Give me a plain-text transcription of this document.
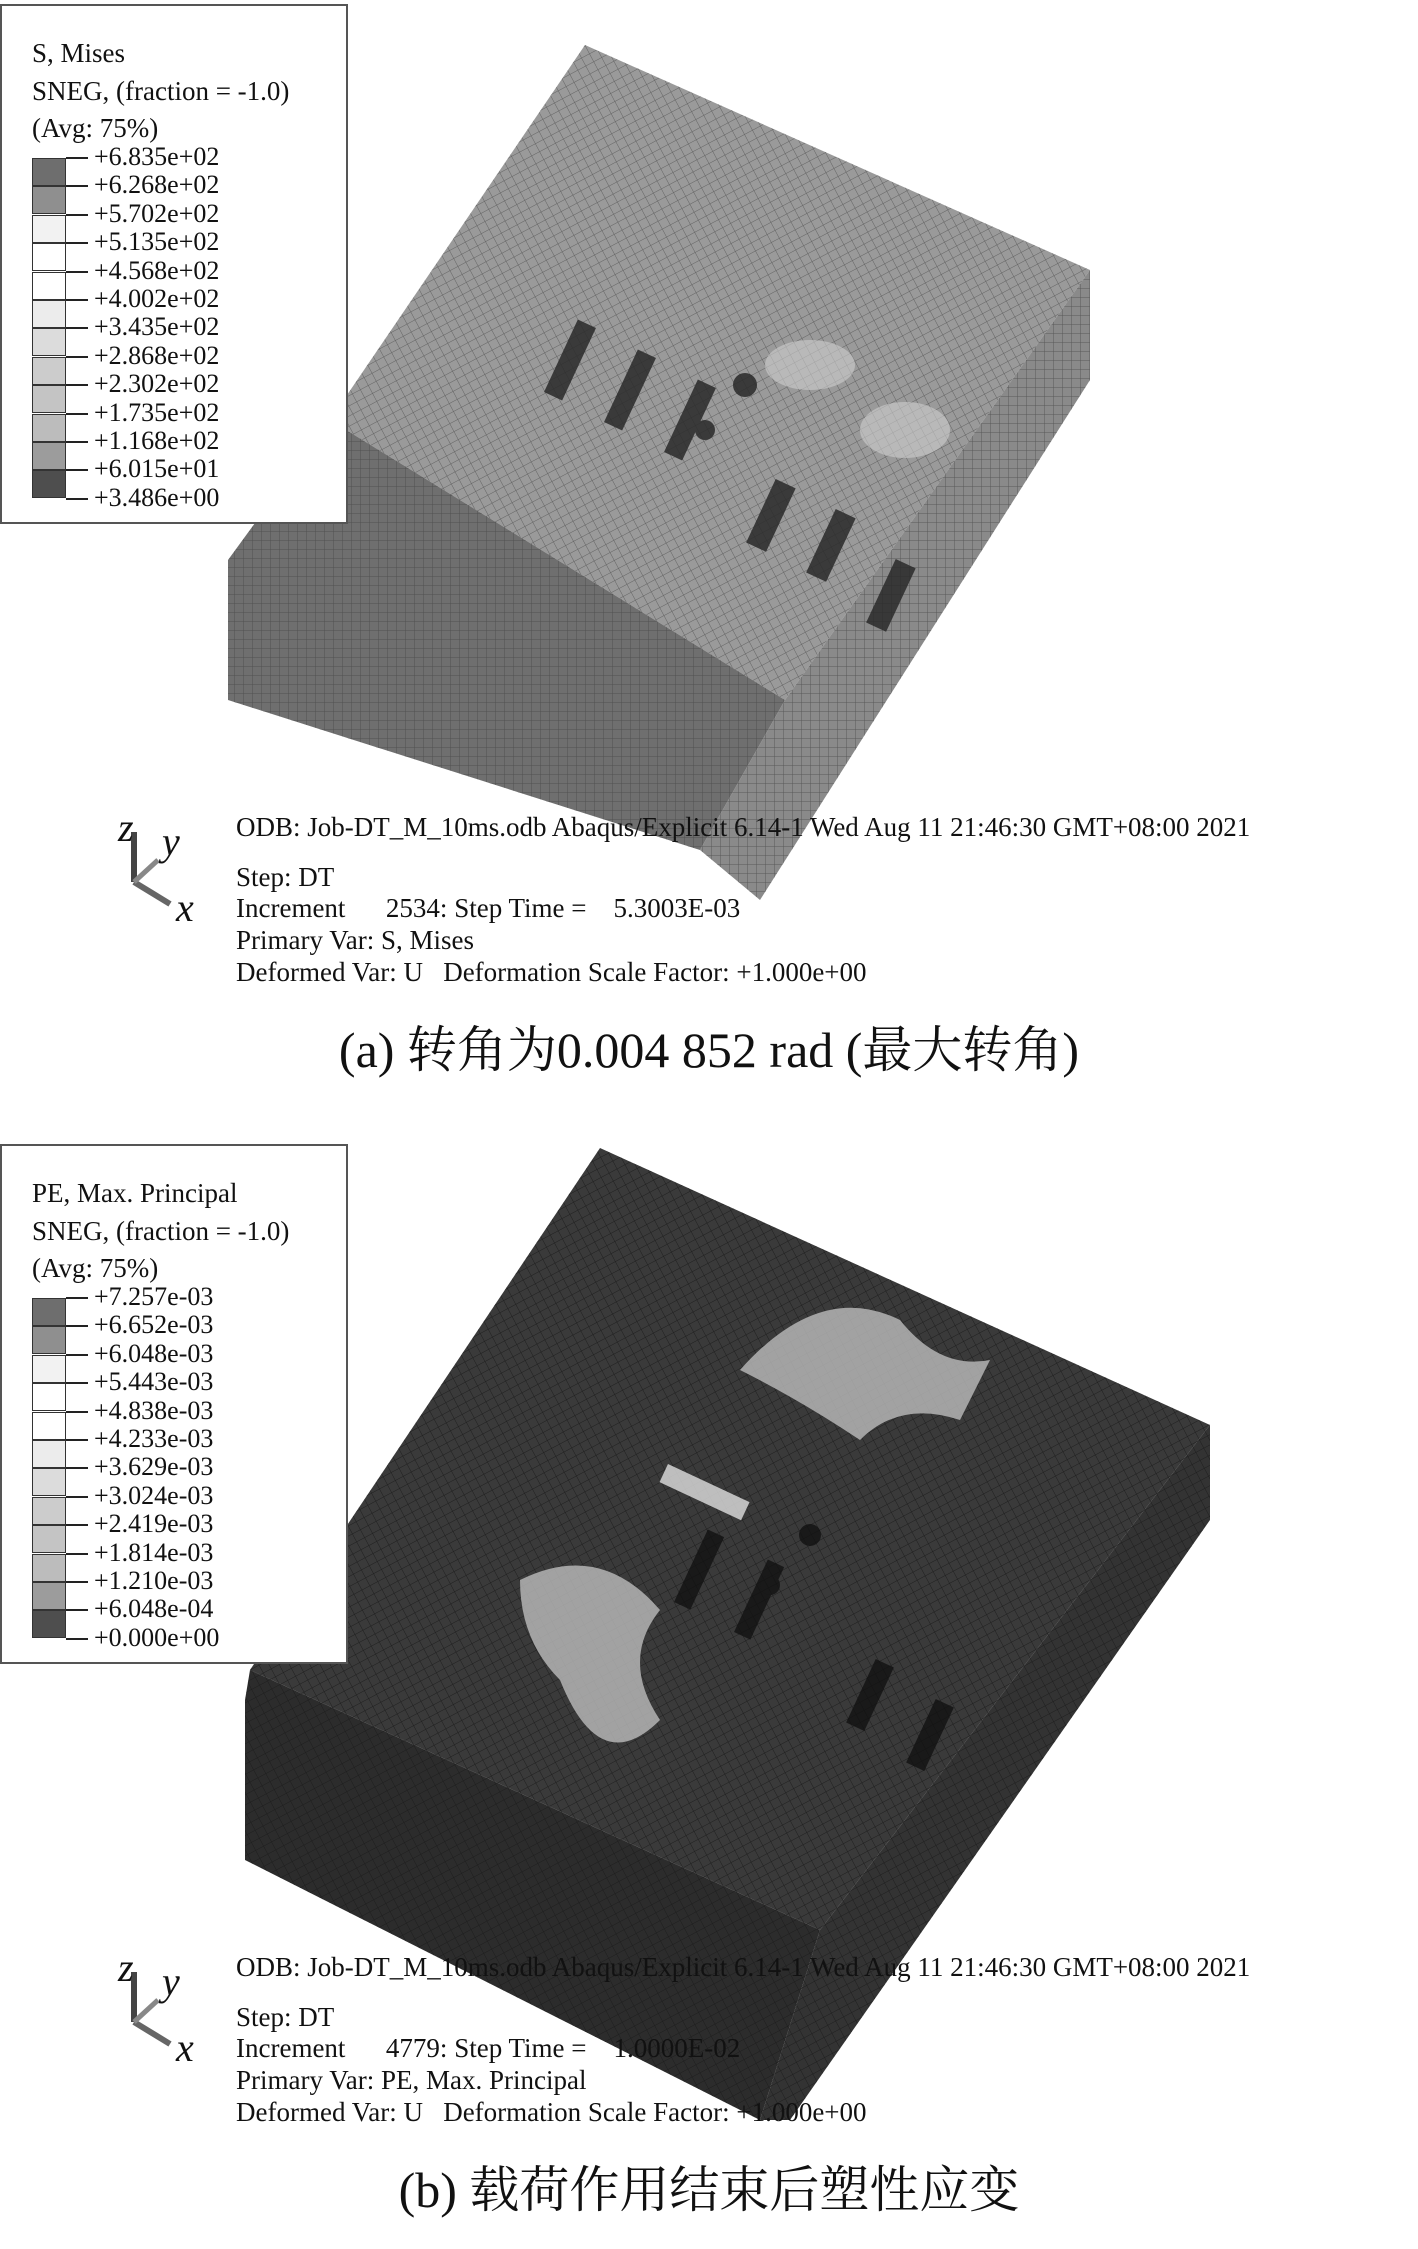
S, Mises
SNEG, (fraction = -1.0)
(Avg: 75%)
+6.835e+02
+6.268e+02
+5.702e+02
+5.135e+02
+4.568e+02
+4.002e+02
+3.435e+02
+2.868e+02
+2.302e+02
+1.735e+02
+1.168e+02
+6.015e+01
+3.486e+00
z y
x
ODB: Job-DT_M_10ms.odb Abaqus/Explicit 6.14-1 Wed Aug 11 21:46:30 GMT+08:00 2021
Step: DT
Increment      2534: Step Time =    5.3003E-03
Primary Var: S, Mises
Deformed Var: U   Deformation Scale Factor: +1.000e+00
(a) 转角为0.004 852 rad (最大转角)
PE, Max. Principal
SNEG, (fraction = -1.0)
(Avg: 75%)
+7.257e-03
+6.652e-03
+6.048e-03
+5.443e-03
+4.838e-03
+4.233e-03
+3.629e-03
+3.024e-03
+2.419e-03
+1.814e-03
+1.210e-03
+6.048e-04
+0.000e+00
z y
x
ODB: Job-DT_M_10ms.odb Abaqus/Explicit 6.14-1 Wed Aug 11 21:46:30 GMT+08:00 2021
Step: DT
Increment      4779: Step Time =    1.0000E-02
Primary Var: PE, Max. Principal
Deformed Var: U   Deformation Scale Factor: +1.000e+00
(b) 载荷作用结束后塑性应变
